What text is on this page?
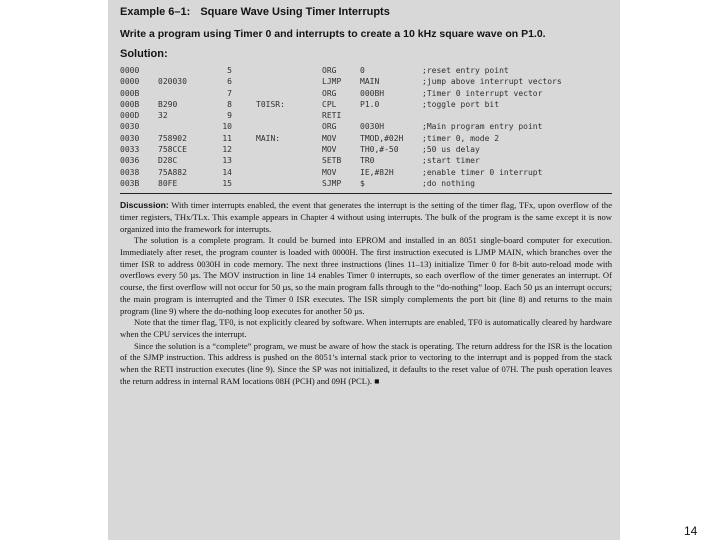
Example 6–1: Square Wave Using Timer Interrupts
Write a program using Timer 0 and interrupts to create a 10 kHz square wave on P1.0.
Solution:
0000	5	ORG	0	;reset entry point
0000 020030	6	LJMP MAIN	;jump above interrupt vectors
000B	7	ORG	000BH	;Timer 0 interrupt vector
000B B290	8	T0ISR:	CPL	P1.0	;toggle port bit
000D 32	9	RETI
0030	10	ORG	0030H	;Main program entry point
0030 758902	11	MAIN:	MOV	TMOD,#02H ;timer 0, mode 2
0033 758CCE	12	MOV	TH0,#-50	;50 us delay
0036 D28C	13	SETB TR0	;start timer
0038 75A882	14	MOV	IE,#82H	;enable timer 0 interrupt
003B 80FE	15	SJMP $	;do nothing

Discussion: With timer interrupts enabled, the event that generates the interrupt is the setting of the timer flag, TFx, upon overflow of the timer registers, THx/TLx. This example appears in Chapter 4 without using interrupts. The bulk of the program is the same except it is now organized into the framework for interrupts.

The solution is a complete program. It could be burned into EPROM and installed in an 8051 single-board computer for execution. Immediately after reset, the program counter is loaded with 0000H. The first instruction executed is LJMP MAIN, which branches over the timer ISR to address 0030H in code memory. The next three instructions (lines 11–13) initialize Timer 0 for 8-bit auto-reload mode with overflows every 50 µs. The MOV instruction in line 14 enables Timer 0 interrupts, so each overflow of the timer generates an interrupt. Of course, the first overflow will not occur for 50 µs, so the main program falls through to the “do-nothing” loop. Each 50 µs an interrupt occurs; the main program is interrupted and the Timer 0 ISR executes. The ISR simply complements the port bit (line 8) and returns to the main program (line 9) where the do-nothing loop executes for another 50 µs.

Note that the timer flag, TF0, is not explicitly cleared by software. When interrupts are enabled, TF0 is automatically cleared by hardware when the CPU services the interrupt.

Since the solution is a “complete” program, we must be aware of how the stack is operating. The return address for the ISR is the location of the SJMP instruction. This address is pushed on the 8051’s internal stack prior to vectoring to the interrupt and is popped from the stack when the RETI instruction executes (line 9). Since the SP was not initialized, it defaults to the reset value of 07H. The push operation leaves the return address in internal RAM locations 08H (PCH) and 09H (PCL). ■

14
